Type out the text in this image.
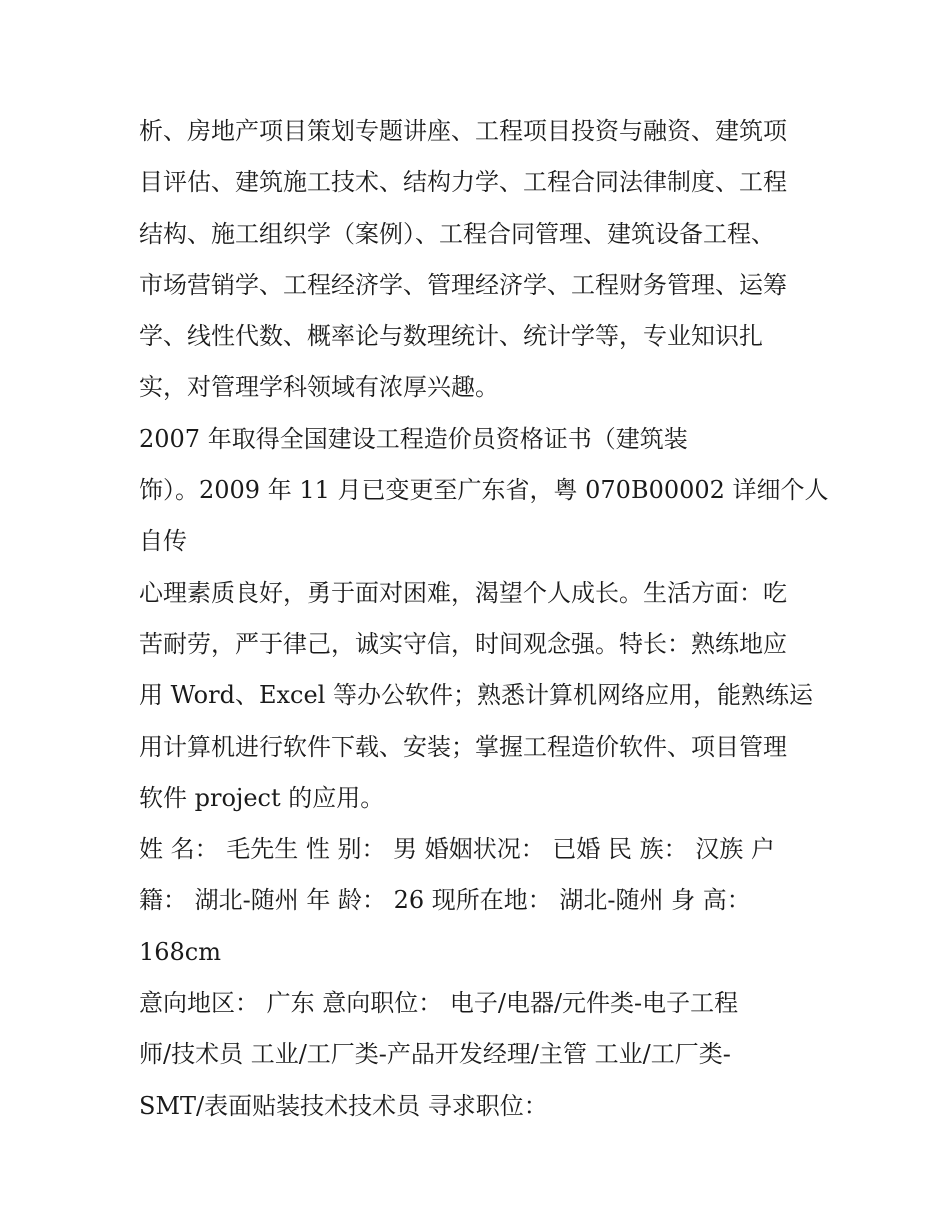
析、房地产项目策划专题讲座、工程项目投资与融资、建筑项
目评估、建筑施工技术、结构力学、工程合同法律制度、工程
结构、施工组织学（案例）、工程合同管理、建筑设备工程、
市场营销学、工程经济学、管理经济学、工程财务管理、运筹
学、线性代数、概率论与数理统计、统计学等，专业知识扎
实，对管理学科领域有浓厚兴趣。
2007 年取得全国建设工程造价员资格证书（建筑装
饰）。2009 年 11 月已变更至广东省，粤 070B00002 详细个人
自传
心理素质良好，勇于面对困难，渴望个人成长。生活方面：吃
苦耐劳，严于律己，诚实守信，时间观念强。特长：熟练地应
用 Word、Excel 等办公软件；熟悉计算机网络应用，能熟练运
用计算机进行软件下载、安装；掌握工程造价软件、项目管理
软件 project 的应用。
姓 名： 毛先生 性 别： 男 婚姻状况： 已婚 民 族： 汉族 户
籍： 湖北-随州 年 龄： 26 现所在地： 湖北-随州 身 高：
168cm
意向地区： 广东 意向职位： 电子/电器/元件类-电子工程
师/技术员 工业/工厂类-产品开发经理/主管 工业/工厂类-
SMT/表面贴装技术技术员 寻求职位：
